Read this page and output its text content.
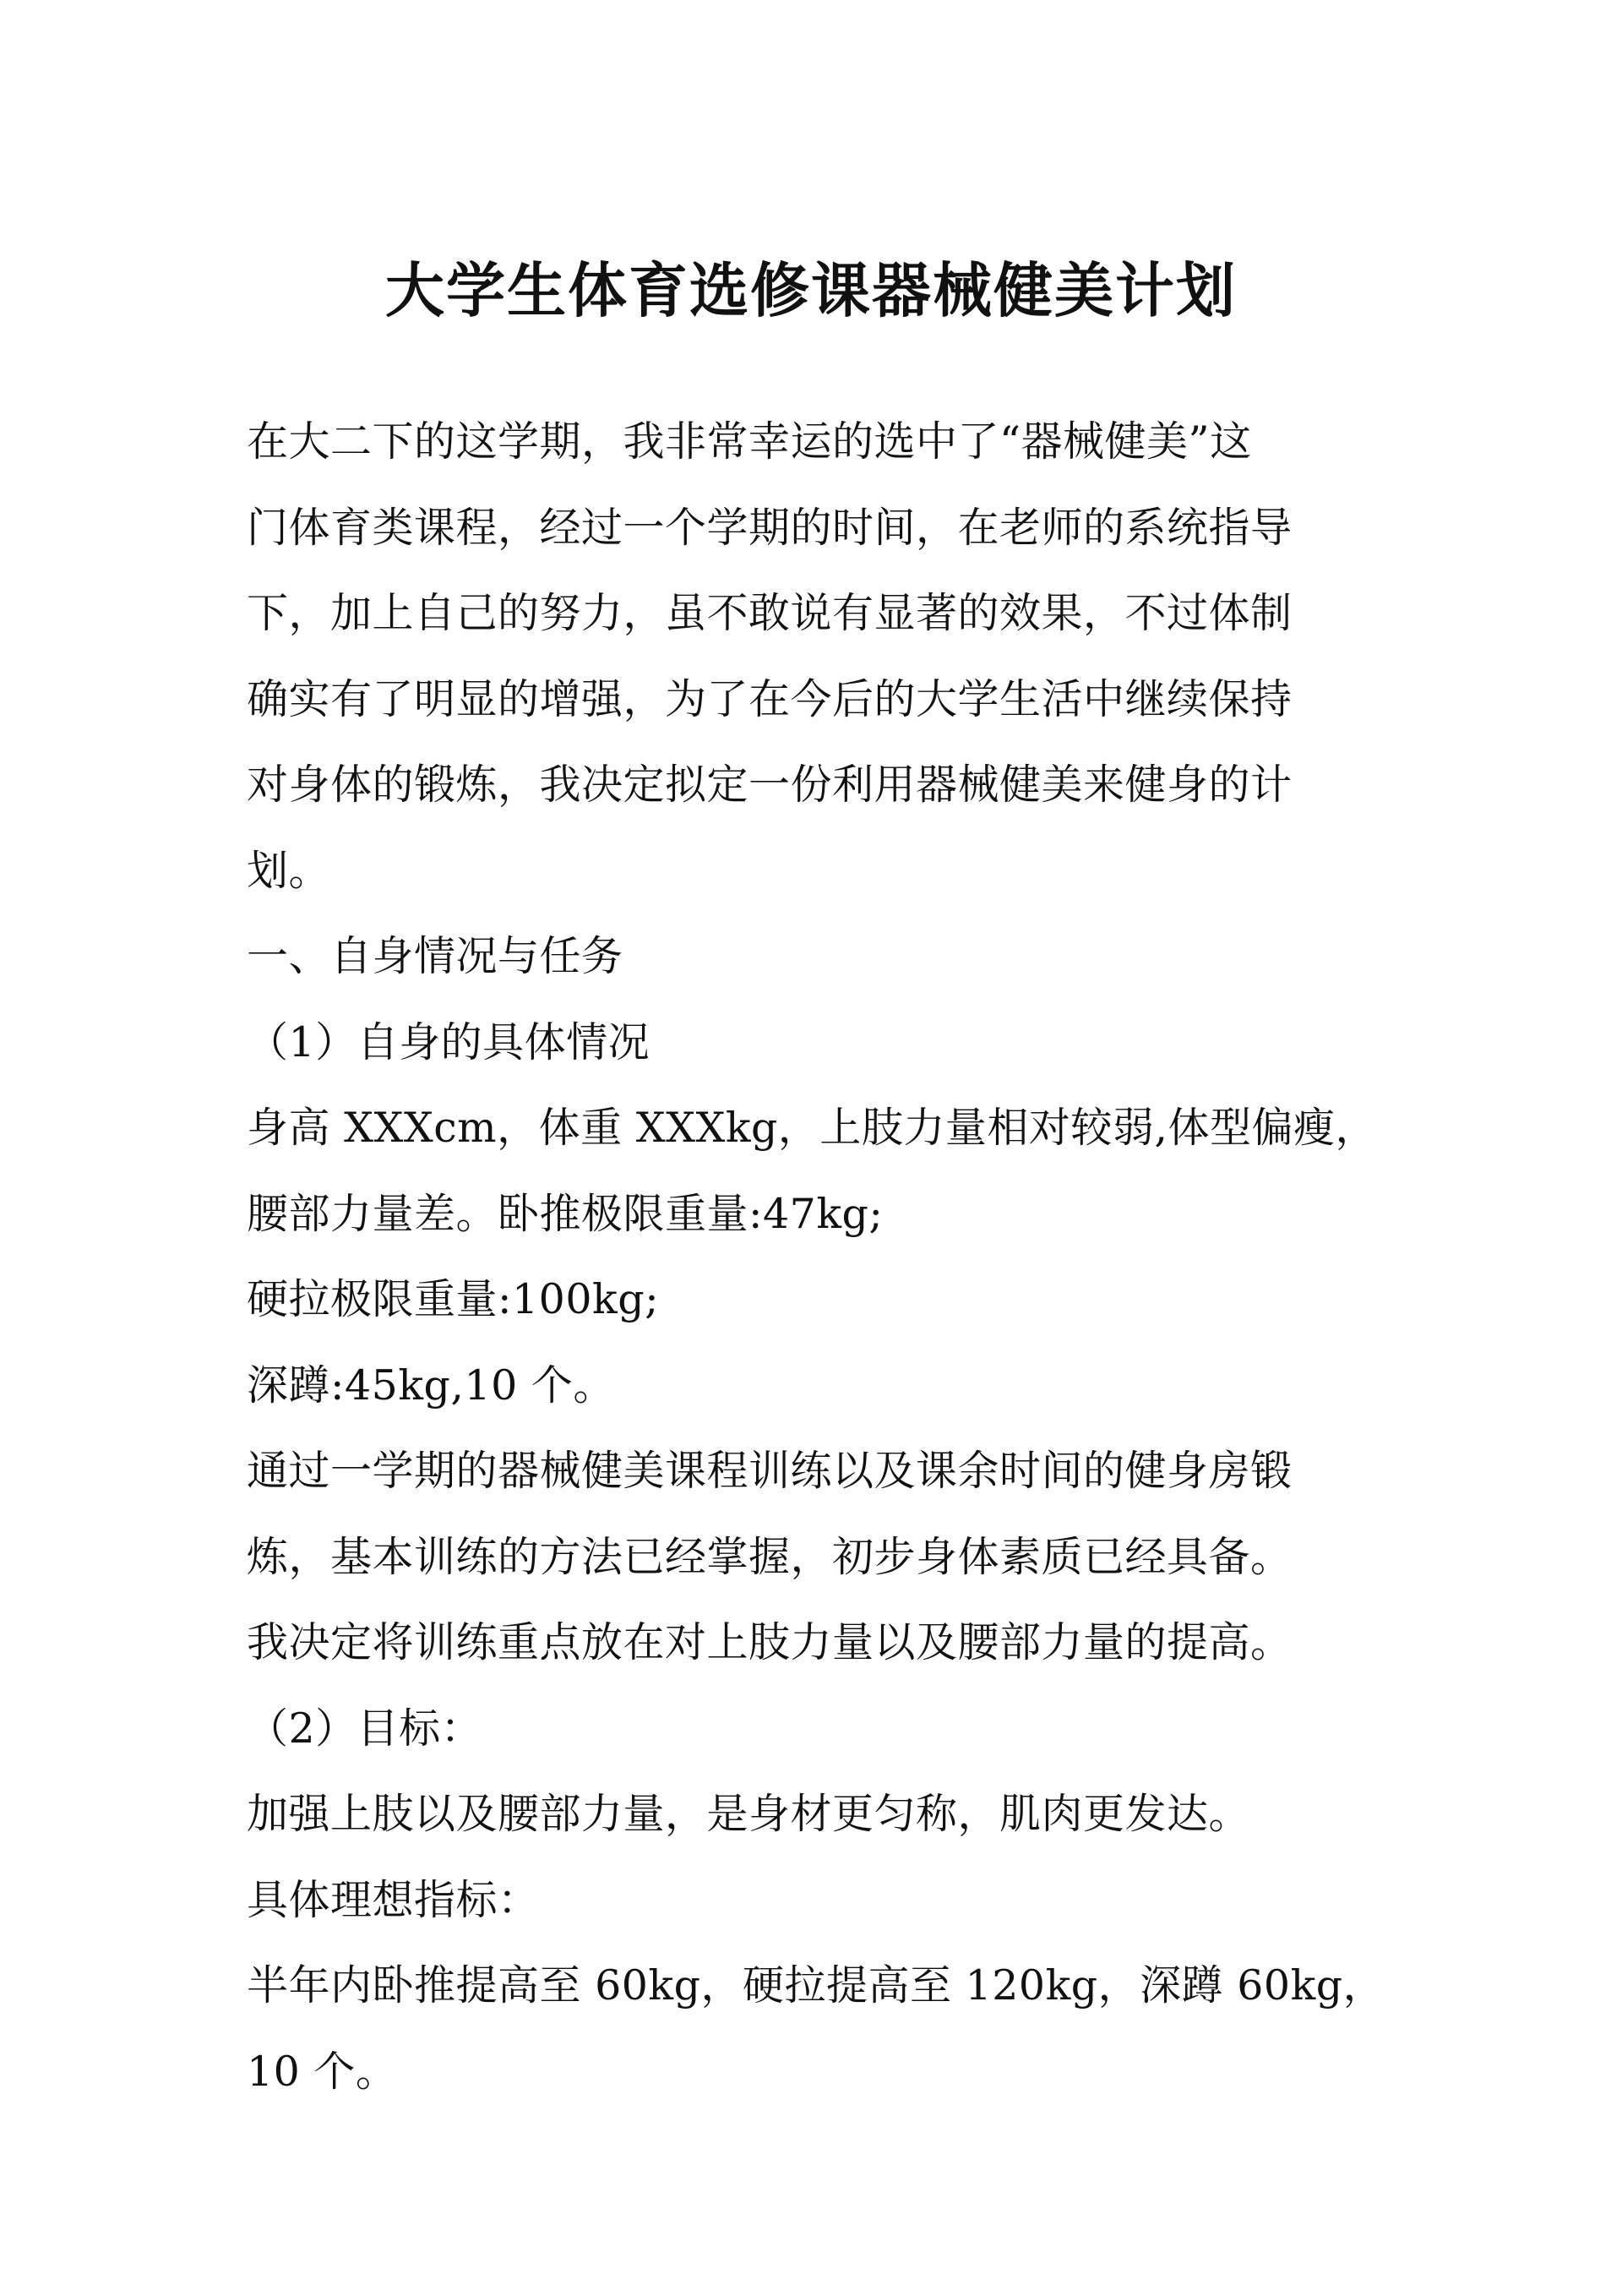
大学生体育选修课器械健美计划
在大二下的这学期，我非常幸运的选中了“器械健美”这
门体育类课程，经过一个学期的时间，在老师的系统指导
下，加上自己的努力，虽不敢说有显著的效果，不过体制
确实有了明显的增强，为了在今后的大学生活中继续保持
对身体的锻炼，我决定拟定一份利用器械健美来健身的计
划。
一、自身情况与任务
（1）自身的具体情况
身高 XXXcm，体重 XXXkg，上肢力量相对较弱,体型偏瘦，
腰部力量差。卧推极限重量:47kg;
硬拉极限重量:100kg;
深蹲:45kg,10 个。
通过一学期的器械健美课程训练以及课余时间的健身房锻
炼，基本训练的方法已经掌握，初步身体素质已经具备。
我决定将训练重点放在对上肢力量以及腰部力量的提高。
（2）目标：
加强上肢以及腰部力量，是身材更匀称，肌肉更发达。
具体理想指标：
半年内卧推提高至 60kg，硬拉提高至 120kg，深蹲 60kg，
10 个。
